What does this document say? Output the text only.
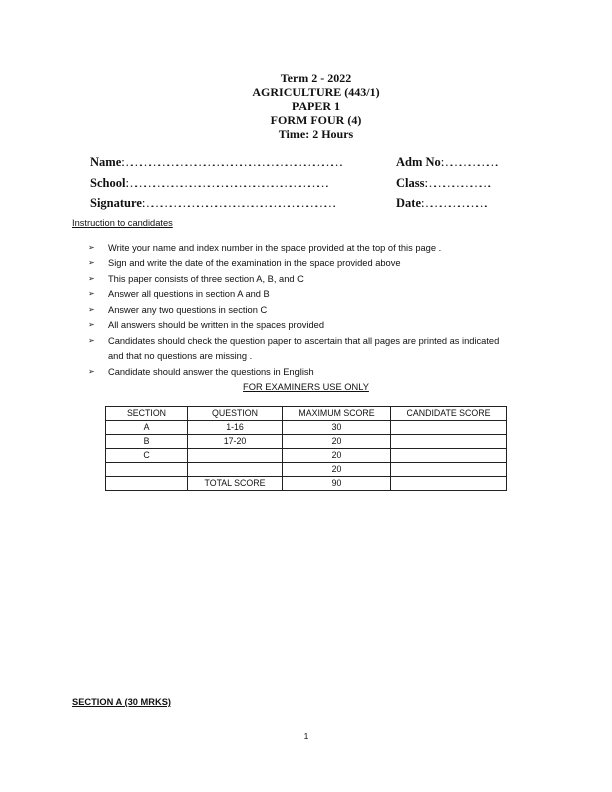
Term 2 - 2022
AGRICULTURE (443/1)
PAPER 1
FORM FOUR (4)
Time: 2 Hours
Name : ……………………………………………………………….	Adm No : ………………..
School : ………………………………………………………….	Class : …………………...
Signature : ……………………………………………………….	Date : …………………...
Instruction to candidates
➢ Write your name and index number in the space provided at the top of this page .
➢ Sign and write the date of the examination in the space provided above
➢ This paper consists of three section A, B, and C
➢ Answer all questions in section A and B
➢ Answer any two questions in section C
➢ All answers should be written in the spaces provided
➢ Candidates should check the question paper to ascertain that all pages are printed as indicated
and that no questions are missing .
➢ Candidate should answer the questions in English
FOR EXAMINERS USE ONLY
SECTION	QUESTION	MAXIMUM SCORE	CANDIDATE SCORE
A	1-16	30	
B	17-20	20	
C		20	
		20	
	TOTAL SCORE	90	
SECTION A (30 MRKS)
1
